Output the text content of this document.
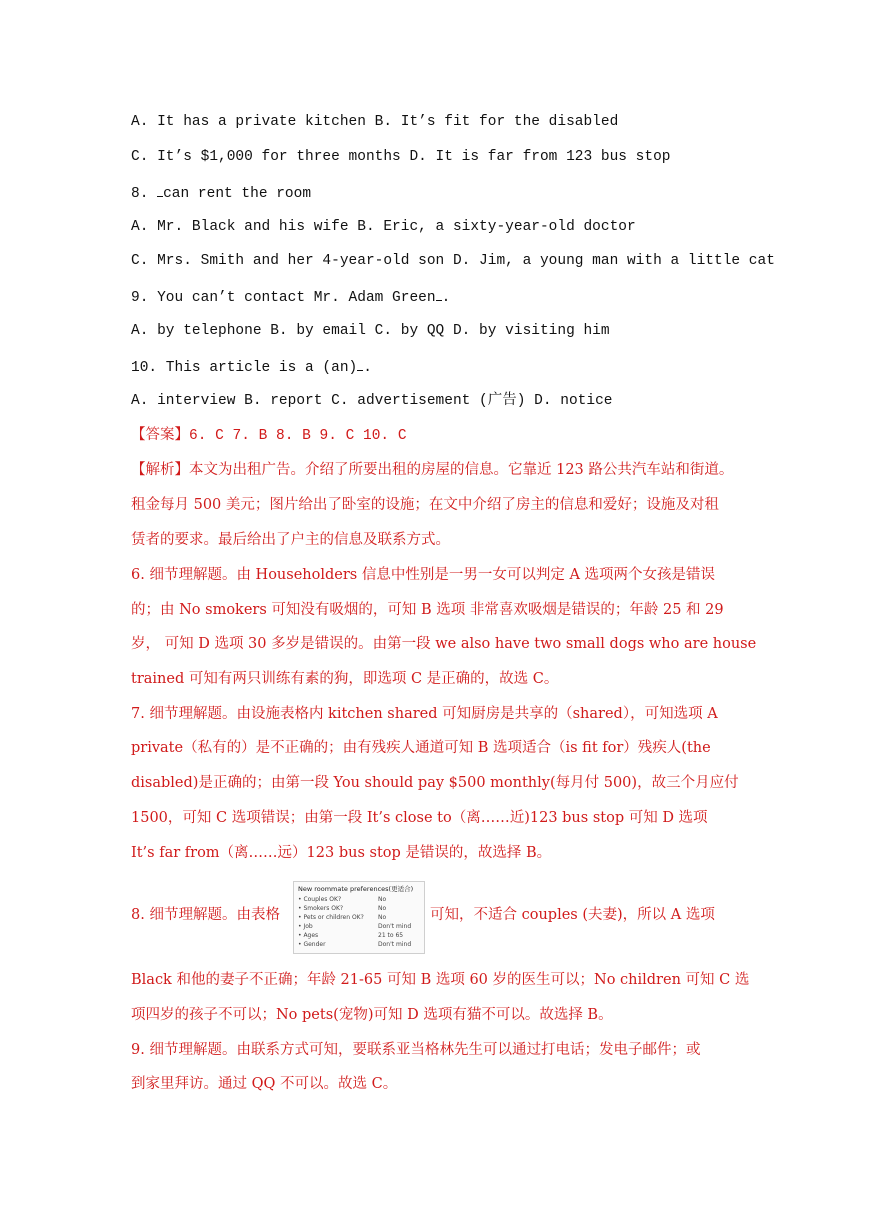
A. It has a private kitchen B. It’s fit for the disabled
C. It’s $1,000 for three months D. It is far from 123 bus stop
8. can rent the room
A. Mr. Black and his wife B. Eric, a sixty-year-old doctor
C. Mrs. Smith and her 4-year-old son D. Jim, a young man with a little cat
9. You can’t contact Mr. Adam Green .
A. by telephone B. by email C. by QQ D. by visiting him
10. This article is a (an) .
A. interview B. report C. advertisement (广告) D. notice
【答案】6. C 7. B 8. B 9. C 10. C
【解析】本文为出租广告。介绍了所要出租的房屋的信息。它靠近 123 路公共汽车站和街道。
租金每月 500 美元；图片给出了卧室的设施；在文中介绍了房主的信息和爱好；设施及对租
赁者的要求。最后给出了户主的信息及联系方式。
6. 细节理解题。由 Householders 信息中性别是一男一女可以判定 A 选项两个女孩是错误
的；由 No smokers 可知没有吸烟的，可知 B 选项 非常喜欢吸烟是错误的；年龄 25 和 29
岁， 可知 D 选项 30 多岁是错误的。由第一段 we also have two small dogs who are house
trained 可知有两只训练有素的狗，即选项 C 是正确的，故选 C。
7. 细节理解题。由设施表格内 kitchen shared 可知厨房是共享的（shared），可知选项 A
private（私有的）是不正确的；由有残疾人通道可知 B 选项适合（is fit for）残疾人(the
disabled)是正确的；由第一段 You should pay $500 monthly(每月付 500)，故三个月应付
1500，可知 C 选项错误；由第一段 It’s close to（离……近)123 bus stop 可知 D 选项
It’s far from（离……远）123 bus stop 是错误的，故选择 B。
8. 细节理解题。由表格
New roommate preferences(更适合)
• Couples OK?	No
• Smokers OK?	No
• Pets or children OK?	No
• Job	Don't mind
• Ages	21 to 65
• Gender	Don't mind
可知，不适合 couples (夫妻)，所以 A 选项
Black 和他的妻子不正确；年龄 21-65 可知 B 选项 60 岁的医生可以；No children 可知 C 选
项四岁的孩子不可以；No pets(宠物)可知 D 选项有猫不可以。故选择 B。
9. 细节理解题。由联系方式可知，要联系亚当格林先生可以通过打电话；发电子邮件；或
到家里拜访。通过 QQ 不可以。故选 C。
